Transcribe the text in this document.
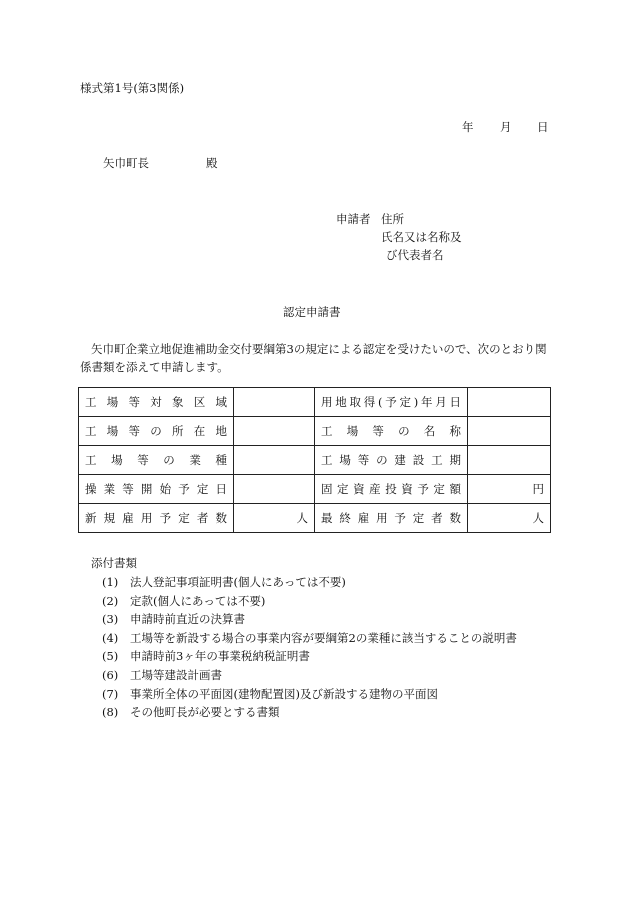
様式第1号(第3関係)
年 月 日
矢巾町長	殿
申請者 住所
氏名又は名称及
び代表者名
認定申請書
矢巾町企業立地促進補助金交付要綱第3の規定による認定を受けたいので、次のとおり関
係書類を添えて申請します。
工場等対象区域		用地取得(予定)年月日	
工場等の所在地		工場等の名称	
工場等の業種		工場等の建設工期	
操業等開始予定日		固定資産投資予定額	円
新規雇用予定者数	人	最終雇用予定者数	人
添付書類
(1) 法人登記事項証明書(個人にあっては不要)
(2) 定款(個人にあっては不要)
(3) 申請時前直近の決算書
(4) 工場等を新設する場合の事業内容が要綱第2の業種に該当することの説明書
(5) 申請時前3ヶ年の事業税納税証明書
(6) 工場等建設計画書
(7) 事業所全体の平面図(建物配置図)及び新設する建物の平面図
(8) その他町長が必要とする書類
